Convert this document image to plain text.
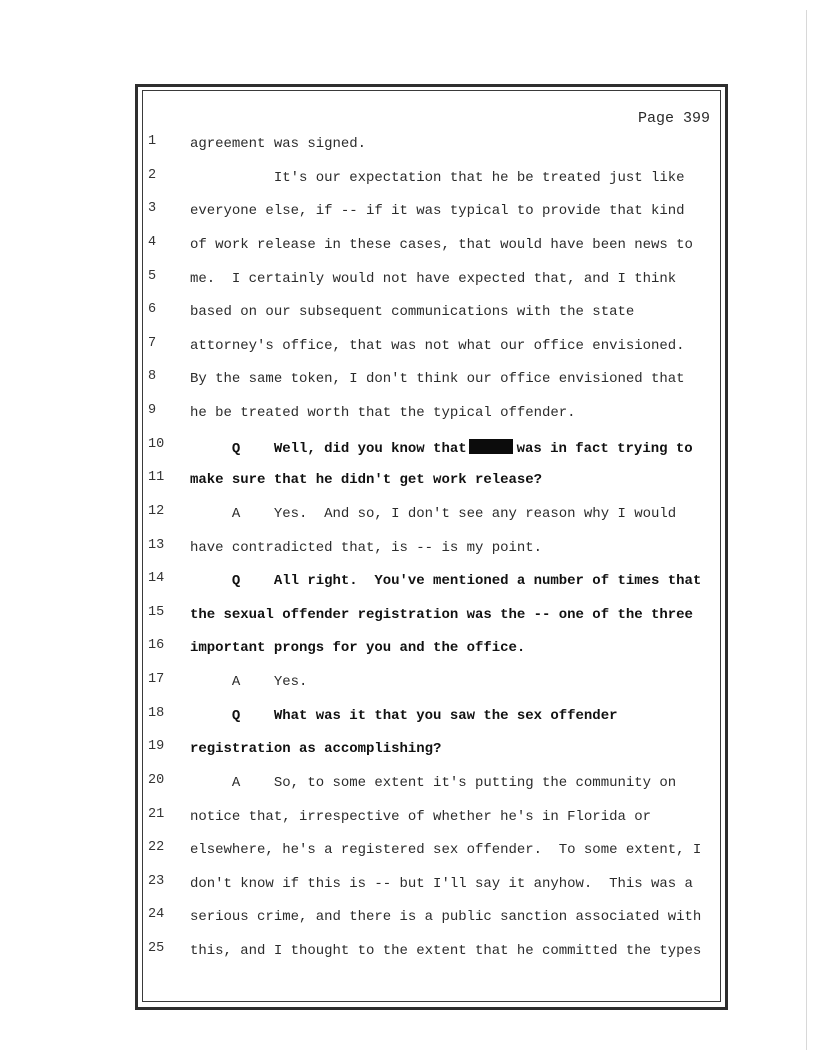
Page 399
1	agreement was signed.
2	It's our expectation that he be treated just like
3	everyone else, if -- if it was typical to provide that kind
4	of work release in these cases, that would have been news to
5	me.  I certainly would not have expected that, and I think
6	based on our subsequent communications with the state
7	attorney's office, that was not what our office envisioned.
8	By the same token, I don't think our office envisioned that
9	he be treated worth that the typical offender.
10 Q    Well, did you know that	was in fact trying to
11 make sure that he didn't get work release?
12 A    Yes.  And so, I don't see any reason why I would
13 have contradicted that, is -- is my point.
14 Q    All right.  You've mentioned a number of times that
15 the sexual offender registration was the -- one of the three
16 important prongs for you and the office.
17 A    Yes.
18 Q    What was it that you saw the sex offender
19 registration as accomplishing?
20 A    So, to some extent it's putting the community on
21 notice that, irrespective of whether he's in Florida or
22 elsewhere, he's a registered sex offender.  To some extent, I
23 don't know if this is -- but I'll say it anyhow.  This was a
24 serious crime, and there is a public sanction associated with
25 this, and I thought to the extent that he committed the types
